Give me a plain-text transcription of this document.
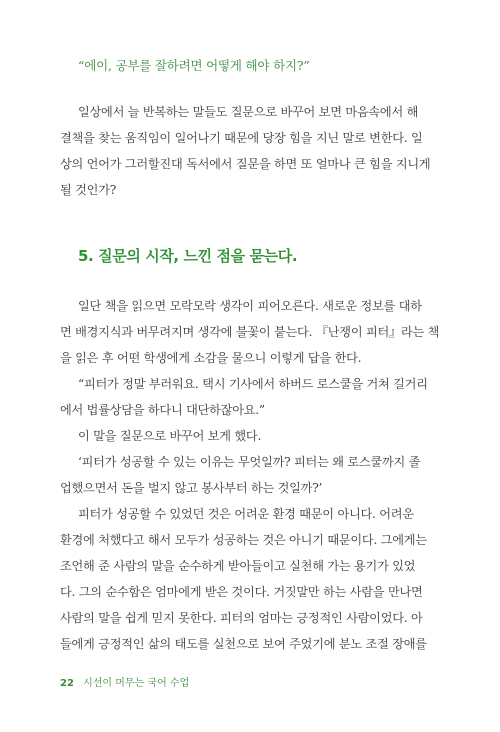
“에이, 공부를 잘하려면 어떻게 해야 하지?”
일상에서 늘 반복하는 말들도 질문으로 바꾸어 보면 마음속에서 해
결책을 찾는 움직임이 일어나기 때문에 당장 힘을 지닌 말로 변한다. 일
상의 언어가 그러할진대 독서에서 질문을 하면 또 얼마나 큰 힘을 지니게
될 것인가?
5. 질문의 시작, 느낀 점을 묻는다.
일단 책을 읽으면 모락모락 생각이 피어오른다. 새로운 정보를 대하
면 배경지식과 버무려지며 생각에 불꽃이 붙는다. 『난쟁이 피터』라는 책
을 읽은 후 어떤 학생에게 소감을 물으니 이렇게 답을 한다.
“피터가 정말 부러워요. 택시 기사에서 하버드 로스쿨을 거쳐 길거리
에서 법률상담을 하다니 대단하잖아요.”
이 말을 질문으로 바꾸어 보게 했다.
‘피터가 성공할 수 있는 이유는 무엇일까? 피터는 왜 로스쿨까지 졸
업했으면서 돈을 벌지 않고 봉사부터 하는 것일까?’
피터가 성공할 수 있었던 것은 어려운 환경 때문이 아니다. 어려운
환경에 처했다고 해서 모두가 성공하는 것은 아니기 때문이다. 그에게는
조언해 준 사람의 말을 순수하게 받아들이고 실천해 가는 용기가 있었
다. 그의 순수함은 엄마에게 받은 것이다. 거짓말만 하는 사람을 만나면
사람의 말을 쉽게 믿지 못한다. 피터의 엄마는 긍정적인 사람이었다. 아
들에게 긍정적인 삶의 태도를 실천으로 보여 주었기에 분노 조절 장애를
22 시선이 머무는 국어 수업
